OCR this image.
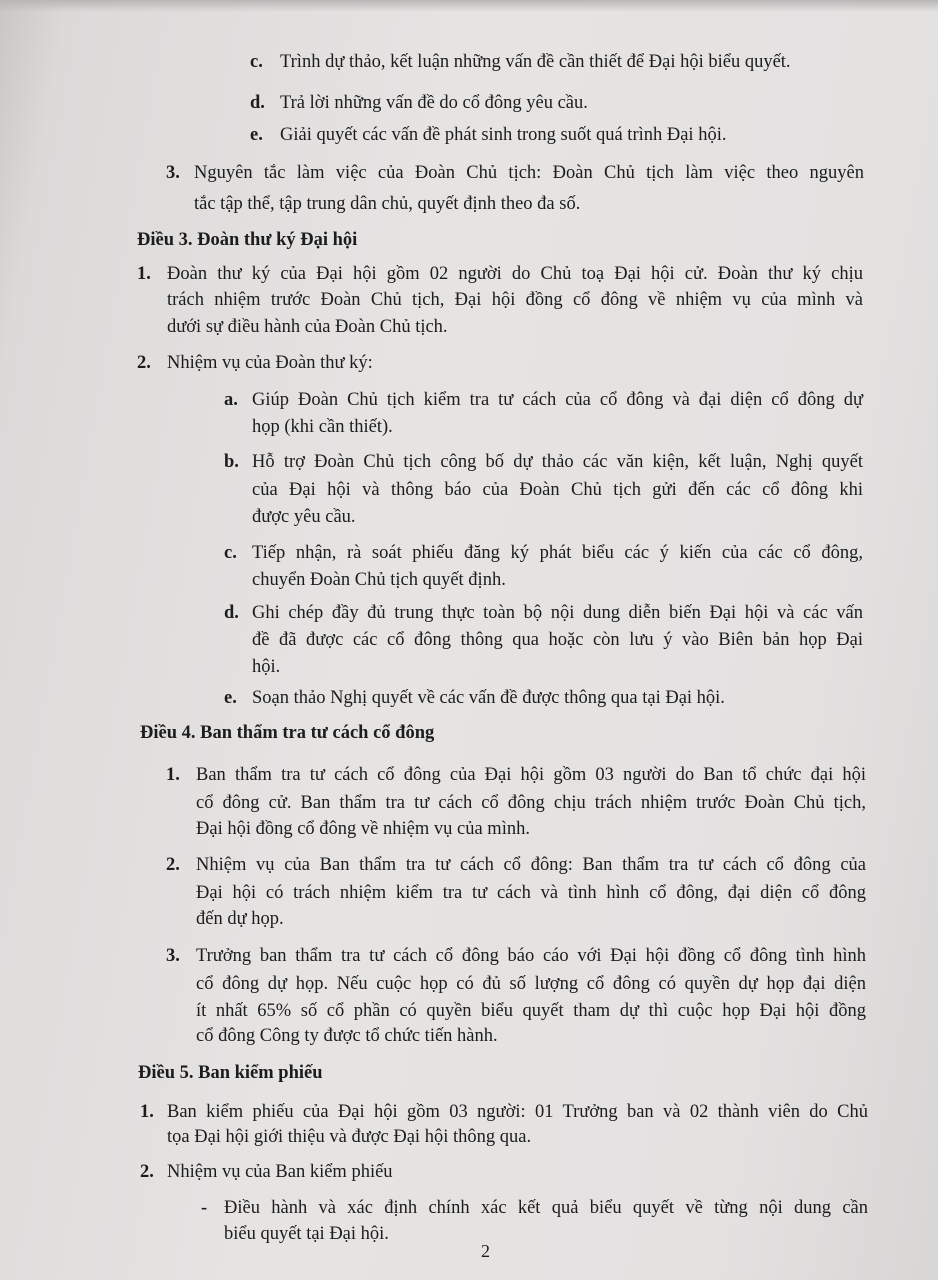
c. Trình dự thảo, kết luận những vấn đề cần thiết để Đại hội biểu quyết.
d. Trả lời những vấn đề do cổ đông yêu cầu.
e. Giải quyết các vấn đề phát sinh trong suốt quá trình Đại hội.
3. Nguyên tắc làm việc của Đoàn Chủ tịch: Đoàn Chủ tịch làm việc theo nguyên
tắc tập thể, tập trung dân chủ, quyết định theo đa số.
Điều 3. Đoàn thư ký Đại hội
1. Đoàn thư ký của Đại hội gồm 02 người do Chủ toạ Đại hội cử. Đoàn thư ký chịu
trách nhiệm trước Đoàn Chủ tịch, Đại hội đồng cổ đông về nhiệm vụ của mình và
dưới sự điều hành của Đoàn Chủ tịch.
2. Nhiệm vụ của Đoàn thư ký:
a. Giúp Đoàn Chủ tịch kiểm tra tư cách của cổ đông và đại diện cổ đông dự
họp (khi cần thiết).
b. Hỗ trợ Đoàn Chủ tịch công bố dự thảo các văn kiện, kết luận, Nghị quyết
của Đại hội và thông báo của Đoàn Chủ tịch gửi đến các cổ đông khi
được yêu cầu.
c. Tiếp nhận, rà soát phiếu đăng ký phát biểu các ý kiến của các cổ đông,
chuyển Đoàn Chủ tịch quyết định.
d. Ghi chép đầy đủ trung thực toàn bộ nội dung diễn biến Đại hội và các vấn
đề đã được các cổ đông thông qua hoặc còn lưu ý vào Biên bản họp Đại
hội.
e. Soạn thảo Nghị quyết về các vấn đề được thông qua tại Đại hội.
Điều 4. Ban thẩm tra tư cách cổ đông
1. Ban thẩm tra tư cách cổ đông của Đại hội gồm 03 người do Ban tổ chức đại hội
cổ đông cử. Ban thẩm tra tư cách cổ đông chịu trách nhiệm trước Đoàn Chủ tịch,
Đại hội đồng cổ đông về nhiệm vụ của mình.
2. Nhiệm vụ của Ban thẩm tra tư cách cổ đông: Ban thẩm tra tư cách cổ đông của
Đại hội có trách nhiệm kiểm tra tư cách và tình hình cổ đông, đại diện cổ đông
đến dự họp.
3. Trưởng ban thẩm tra tư cách cổ đông báo cáo với Đại hội đồng cổ đông tình hình
cổ đông dự họp. Nếu cuộc họp có đủ số lượng cổ đông có quyền dự họp đại diện
ít nhất 65% số cổ phần có quyền biểu quyết tham dự thì cuộc họp Đại hội đồng
cổ đông Công ty được tổ chức tiến hành.
Điều 5. Ban kiểm phiếu
1. Ban kiểm phiếu của Đại hội gồm 03 người: 01 Trưởng ban và 02 thành viên do Chủ
tọa Đại hội giới thiệu và được Đại hội thông qua.
2. Nhiệm vụ của Ban kiểm phiếu
- Điều hành và xác định chính xác kết quả biểu quyết về từng nội dung cần
biểu quyết tại Đại hội.
2
